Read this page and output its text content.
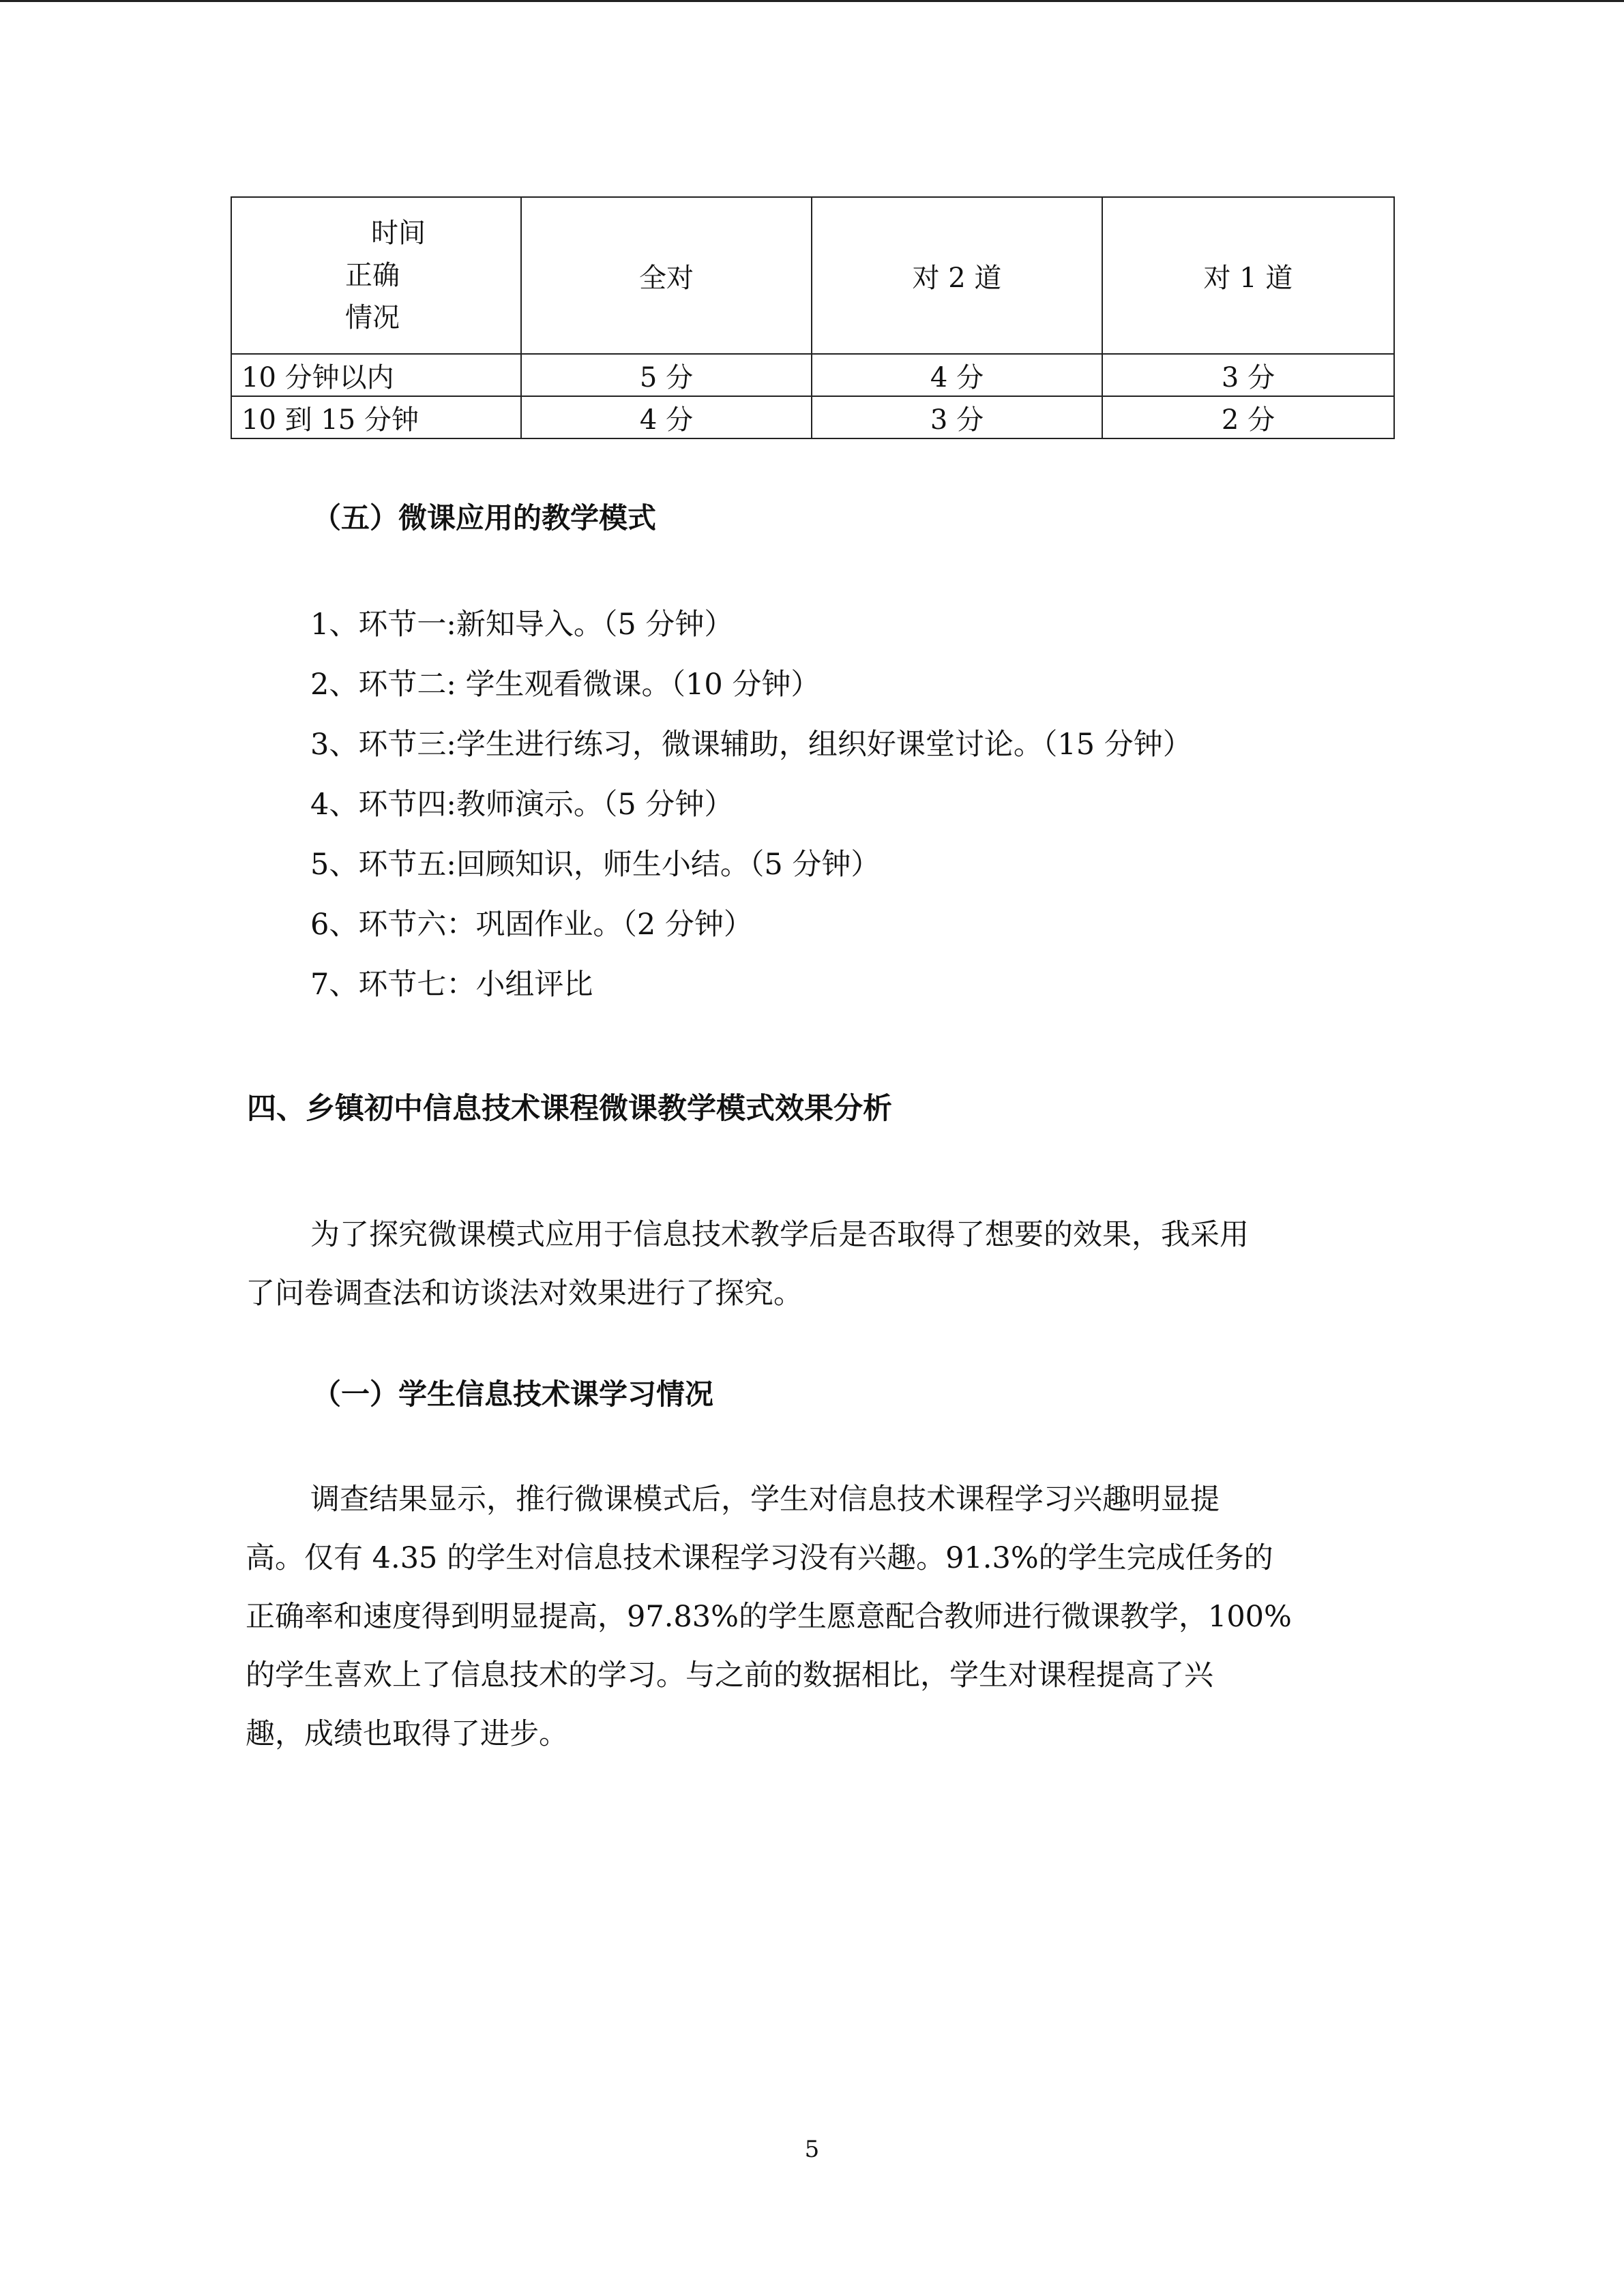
时间
正确
情况	全对	对 2 道	对 1 道
10 分钟以内	5 分	4 分	3 分
10 到 15 分钟	4 分	3 分	2 分
（五）微课应用的教学模式
1、环节一:新知导入。（5 分钟）
2、环节二: 学生观看微课。（10 分钟）
3、环节三:学生进行练习，微课辅助，组织好课堂讨论。（15 分钟）
4、环节四:教师演示。（5 分钟）
5、环节五:回顾知识，师生小结。（5 分钟）
6、环节六：巩固作业。（2 分钟）
7、环节七：小组评比
四、乡镇初中信息技术课程微课教学模式效果分析
为了探究微课模式应用于信息技术教学后是否取得了想要的效果，我采用
了问卷调查法和访谈法对效果进行了探究。
（一）学生信息技术课学习情况
调查结果显示，推行微课模式后，学生对信息技术课程学习兴趣明显提
高。仅有 4.35 的学生对信息技术课程学习没有兴趣。91.3%的学生完成任务的
正确率和速度得到明显提高，97.83%的学生愿意配合教师进行微课教学，100%
的学生喜欢上了信息技术的学习。与之前的数据相比，学生对课程提高了兴
趣，成绩也取得了进步。
5
